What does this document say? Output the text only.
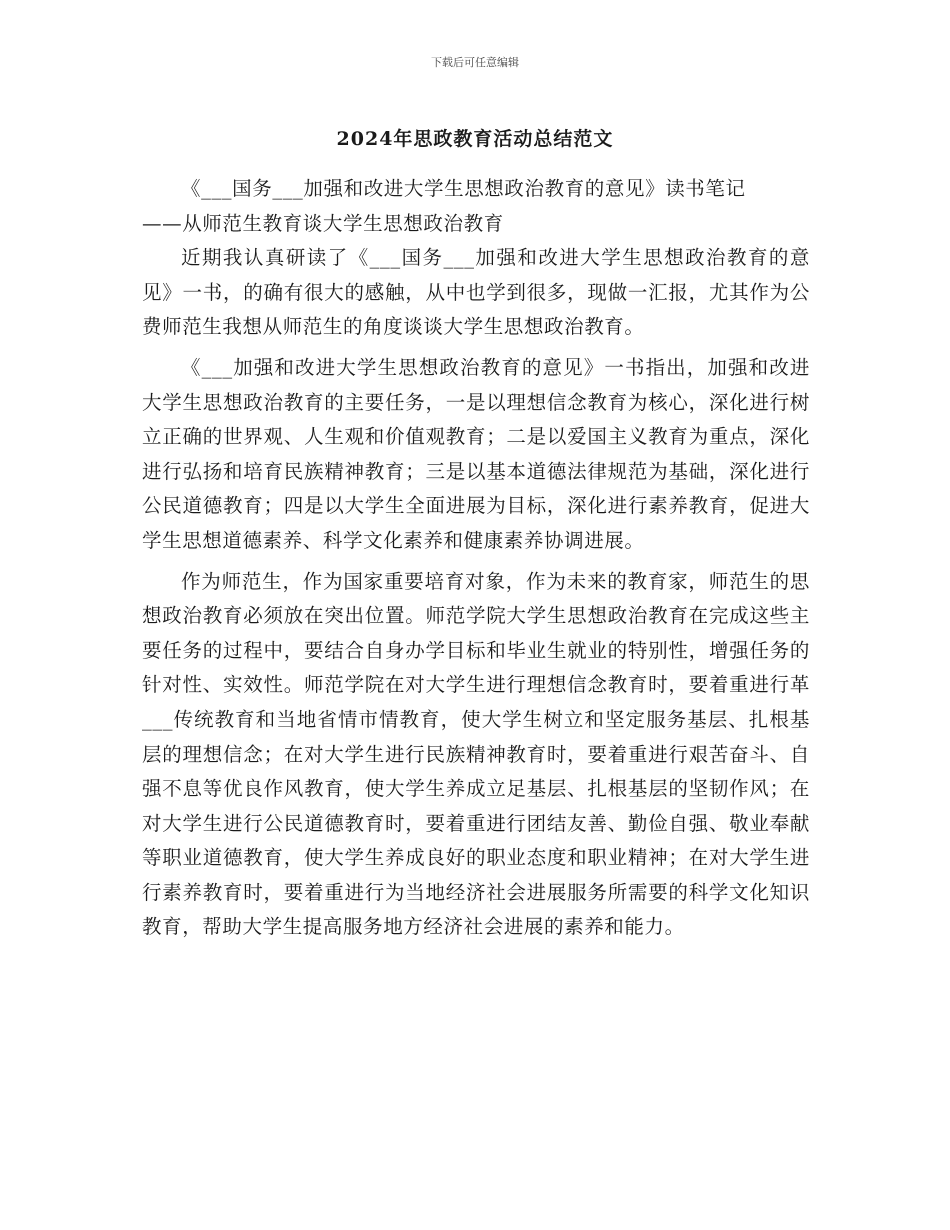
下载后可任意编辑
2024年思政教育活动总结范文

《___国务___加强和改进大学生思想政治教育的意见》读书笔记

——从师范生教育谈大学生思想政治教育

近期我认真研读了《___国务___加强和改进大学生思想政治教育的意见》一书，的确有很大的感触，从中也学到很多，现做一汇报，尤其作为公费师范生我想从师范生的角度谈谈大学生思想政治教育。

《___加强和改进大学生思想政治教育的意见》一书指出，加强和改进大学生思想政治教育的主要任务，一是以理想信念教育为核心，深化进行树立正确的世界观、人生观和价值观教育；二是以爱国主义教育为重点，深化进行弘扬和培育民族精神教育；三是以基本道德法律规范为基础，深化进行公民道德教育；四是以大学生全面进展为目标，深化进行素养教育，促进大学生思想道德素养、科学文化素养和健康素养协调进展。

作为师范生，作为国家重要培育对象，作为未来的教育家，师范生的思想政治教育必须放在突出位置。师范学院大学生思想政治教育在完成这些主要任务的过程中，要结合自身办学目标和毕业生就业的特别性，增强任务的针对性、实效性。师范学院在对大学生进行理想信念教育时，要着重进行革___传统教育和当地省情市情教育，使大学生树立和坚定服务基层、扎根基层的理想信念；在对大学生进行民族精神教育时，要着重进行艰苦奋斗、自强不息等优良作风教育，使大学生养成立足基层、扎根基层的坚韧作风；在对大学生进行公民道德教育时，要着重进行团结友善、勤俭自强、敬业奉献等职业道德教育，使大学生养成良好的职业态度和职业精神；在对大学生进行素养教育时，要着重进行为当地经济社会进展服务所需要的科学文化知识教育，帮助大学生提高服务地方经济社会进展的素养和能力。
